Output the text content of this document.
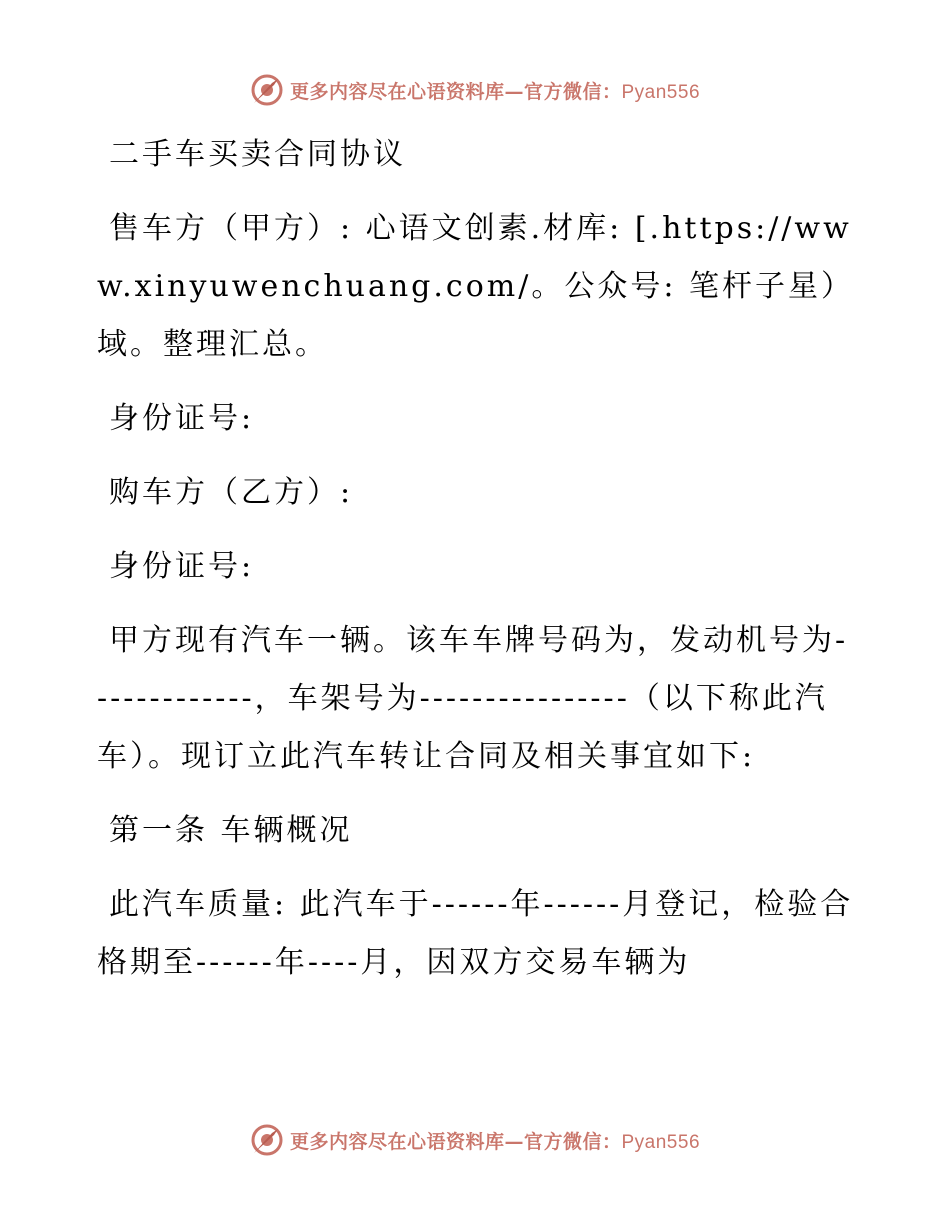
更多内容尽在心语资料库—官方微信：Pyan556

二手车买卖合同协议

售车方（甲方）: 心语文创素.材库: [.https://www.xinyuwenchuang.com/。公众号: 笔杆子星）域。整理汇总。

身份证号:

购车方（乙方）:

身份证号:

甲方现有汽车一辆。该车车牌号码为，发动机号为-------------，车架号为----------------（以下称此汽车）。现订立此汽车转让合同及相关事宜如下:

第一条 车辆概况

此汽车质量: 此汽车于------年------月登记，检验合格期至------年----月，因双方交易车辆为

更多内容尽在心语资料库—官方微信：Pyan556
